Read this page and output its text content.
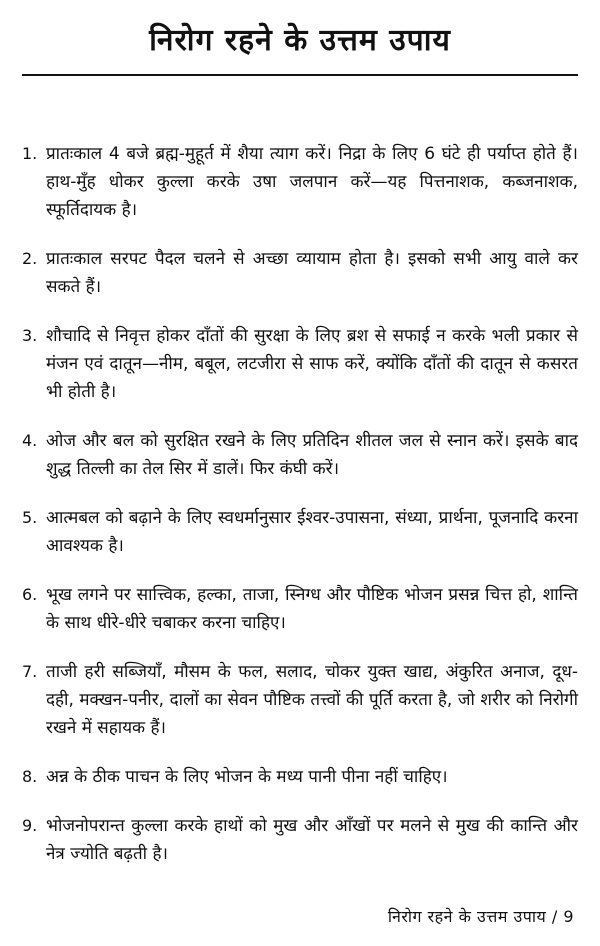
निरोग रहने के उत्तम उपाय
1. प्रातःकाल 4 बजे ब्रह्म-मुहूर्त में शैया त्याग करें। निद्रा के लिए 6 घंटे ही पर्याप्त होते हैं। हाथ-मुँह धोकर कुल्ला करके उषा जलपान करें—यह पित्तनाशक, कब्जनाशक, स्फूर्तिदायक है।
2. प्रातःकाल सरपट पैदल चलने से अच्छा व्यायाम होता है। इसको सभी आयु वाले कर सकते हैं।
3. शौचादि से निवृत्त होकर दाँतों की सुरक्षा के लिए ब्रश से सफाई न करके भली प्रकार से मंजन एवं दातून—नीम, बबूल, लटजीरा से साफ करें, क्योंकि दाँतों की दातून से कसरत भी होती है।
4. ओज और बल को सुरक्षित रखने के लिए प्रतिदिन शीतल जल से स्नान करें। इसके बाद शुद्ध तिल्ली का तेल सिर में डालें। फिर कंघी करें।
5. आत्मबल को बढ़ाने के लिए स्वधर्मानुसार ईश्वर-उपासना, संध्या, प्रार्थना, पूजनादि करना आवश्यक है।
6. भूख लगने पर सात्त्विक, हल्का, ताजा, स्निग्ध और पौष्टिक भोजन प्रसन्न चित्त हो, शान्ति के साथ धीरे-धीरे चबाकर करना चाहिए।
7. ताजी हरी सब्जियाँ, मौसम के फल, सलाद, चोकर युक्त खाद्य, अंकुरित अनाज, दूध-दही, मक्खन-पनीर, दालों का सेवन पौष्टिक तत्त्वों की पूर्ति करता है, जो शरीर को निरोगी रखने में सहायक हैं।
8. अन्न के ठीक पाचन के लिए भोजन के मध्य पानी पीना नहीं चाहिए।
9. भोजनोपरान्त कुल्ला करके हाथों को मुख और आँखों पर मलने से मुख की कान्ति और नेत्र ज्योति बढ़ती है।
निरोग रहने के उत्तम उपाय / 9
